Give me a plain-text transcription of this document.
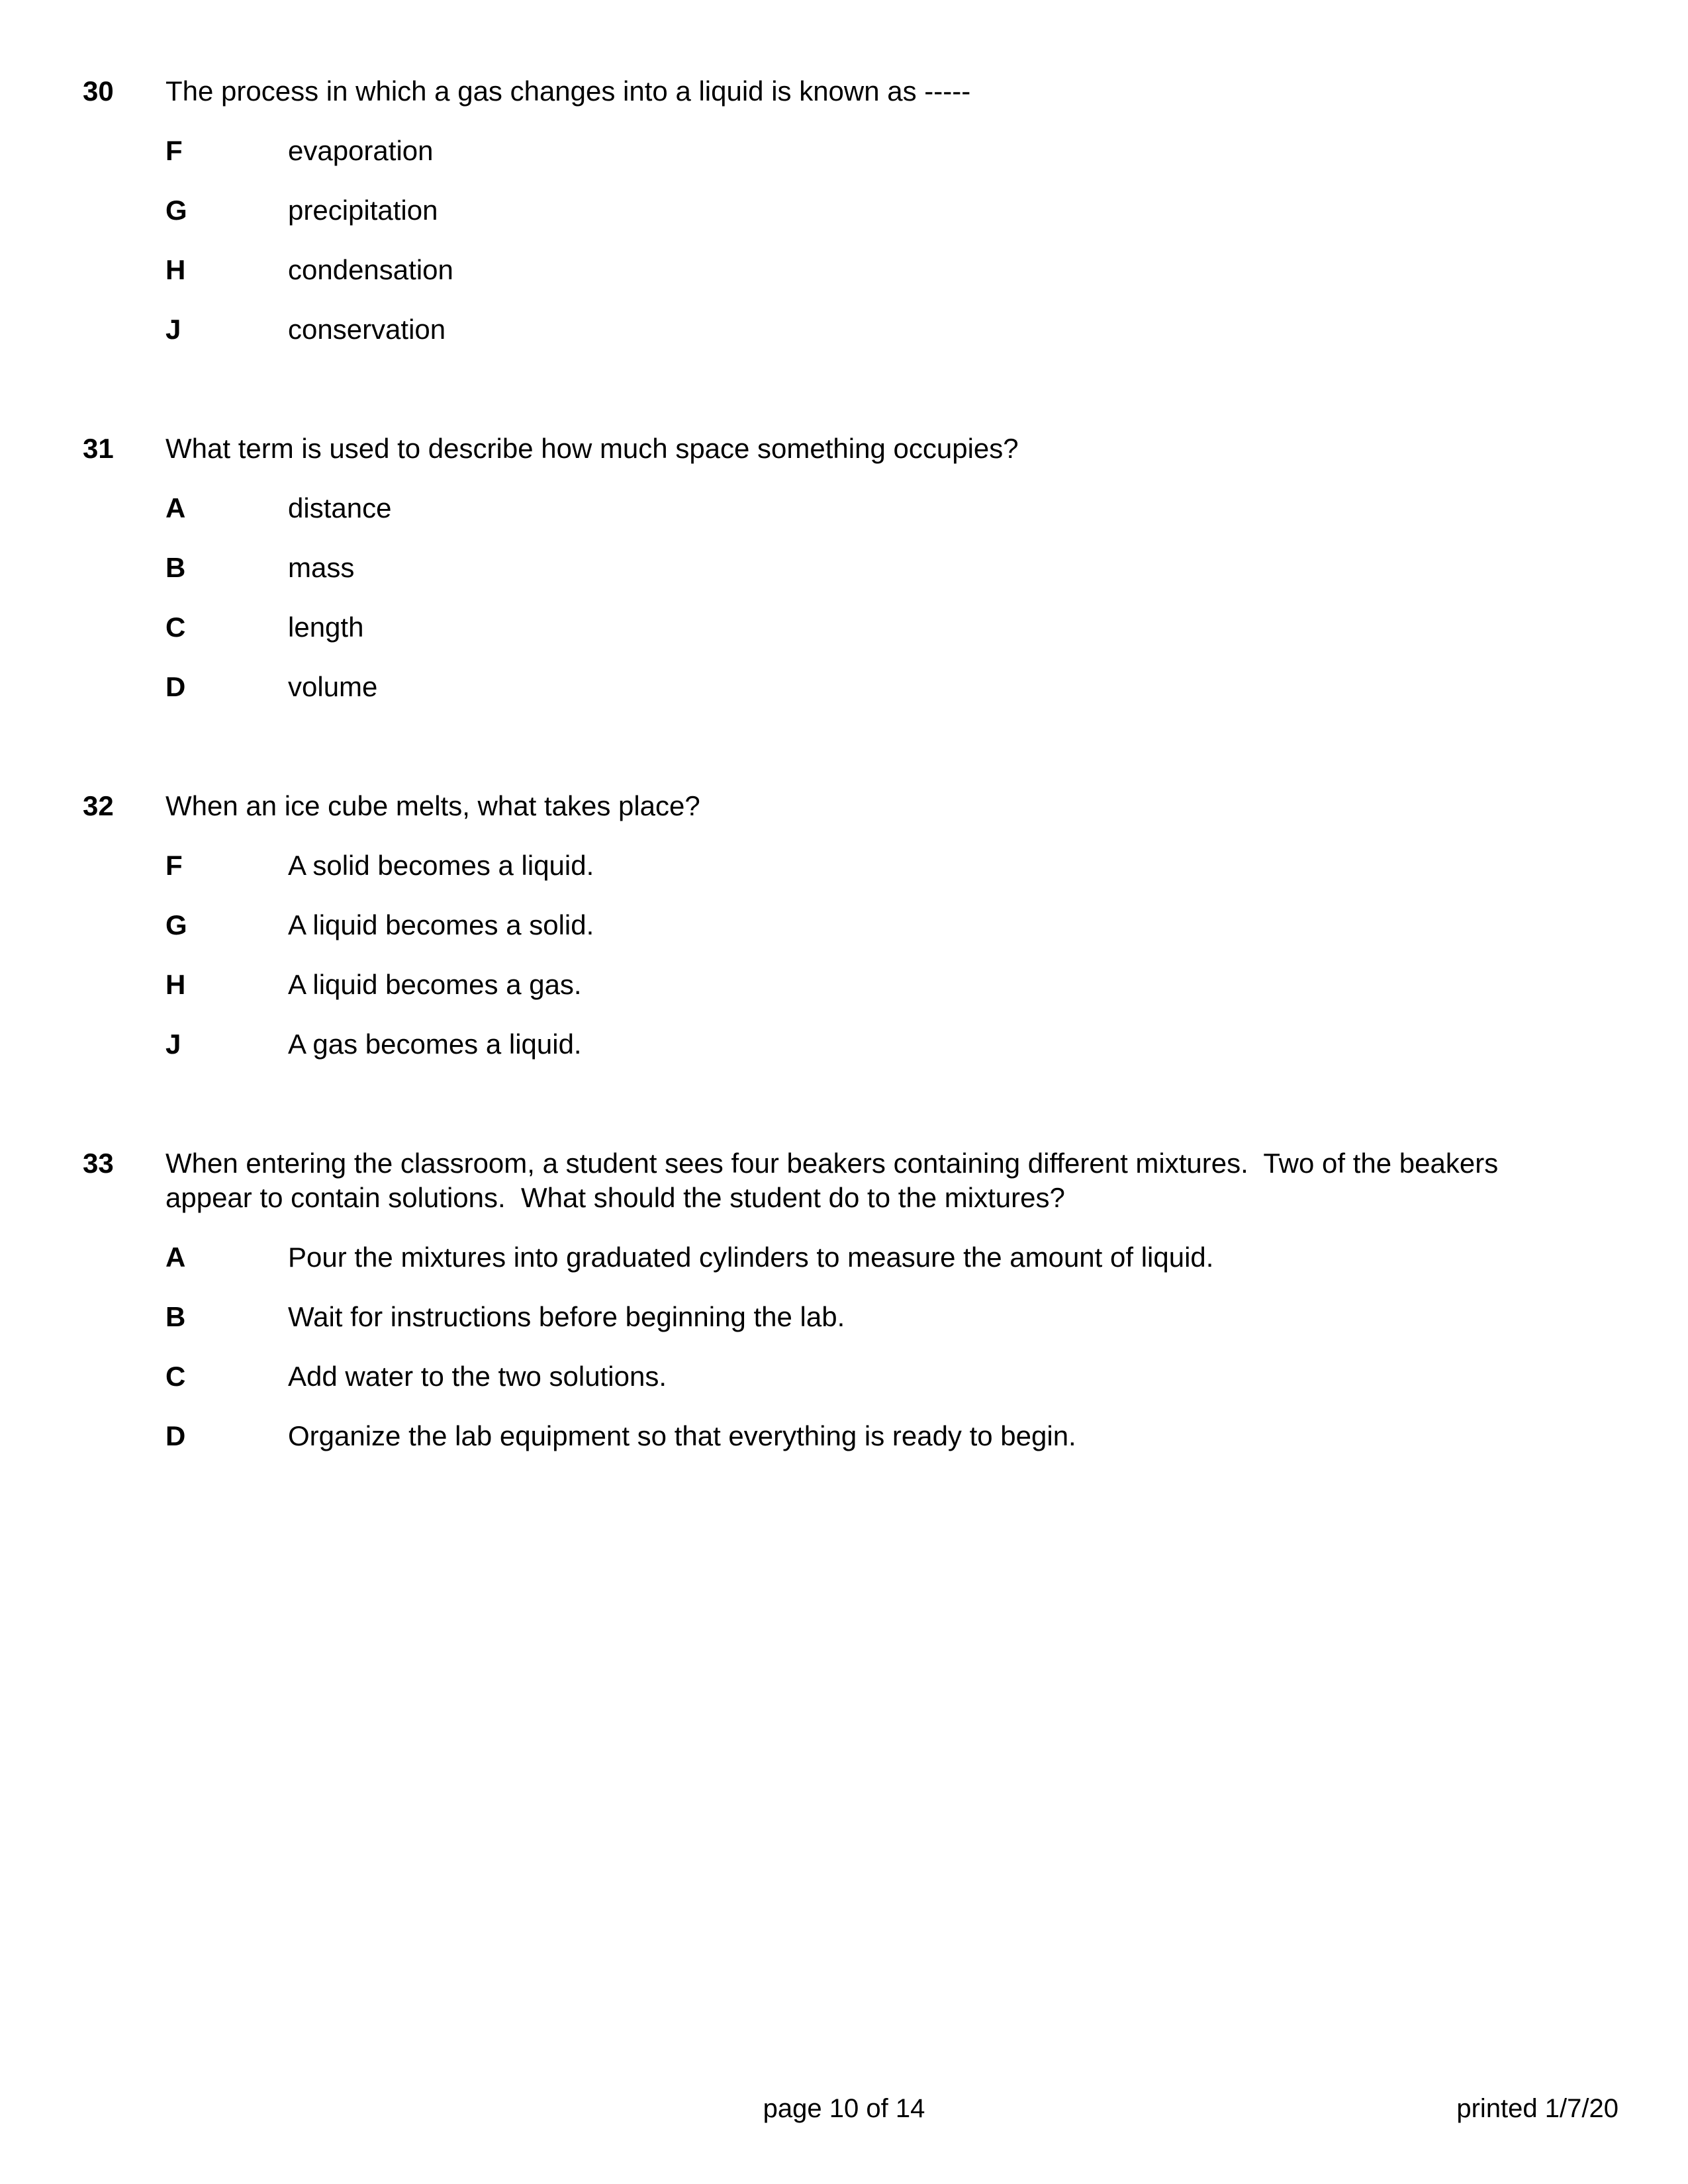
30	The process in which a gas changes into a liquid is known as -----
F	evaporation
G	precipitation
H	condensation
J	conservation
31	What term is used to describe how much space something occupies?
A	distance
B	mass
C	length
D	volume
32	When an ice cube melts, what takes place?
F	A solid becomes a liquid.
G	A liquid becomes a solid.
H	A liquid becomes a gas.
J	A gas becomes a liquid.
33	When entering the classroom, a student sees four beakers containing different mixtures.  Two of the beakers
appear to contain solutions.  What should the student do to the mixtures?
A	Pour the mixtures into graduated cylinders to measure the amount of liquid.
B	Wait for instructions before beginning the lab.
C	Add water to the two solutions.
D	Organize the lab equipment so that everything is ready to begin.
page 10 of 14	printed 1/7/20
